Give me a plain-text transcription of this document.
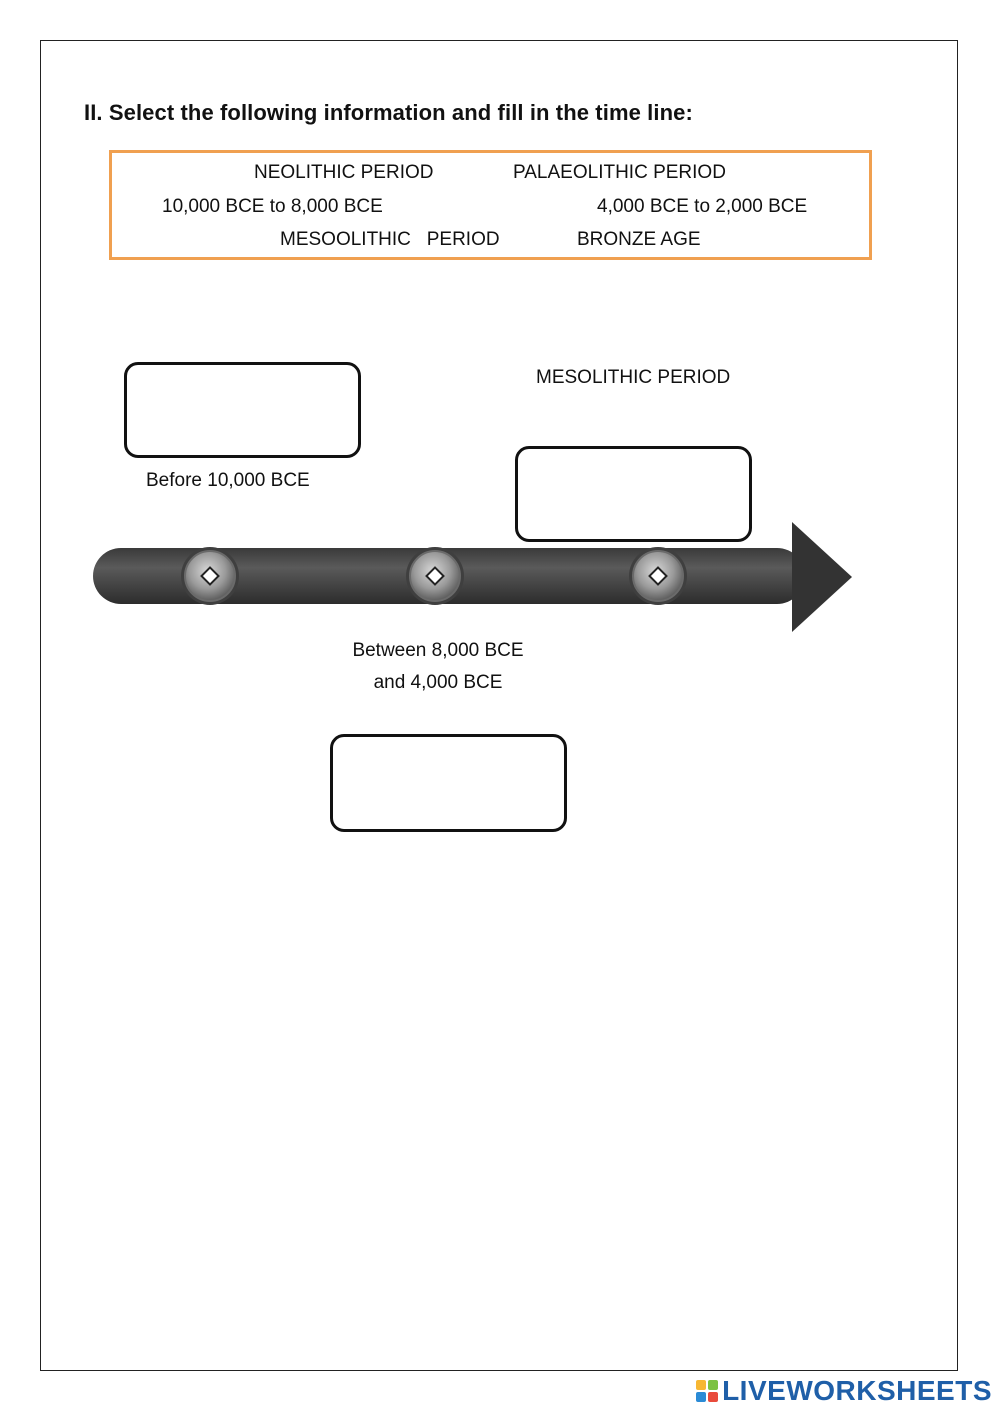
II. Select the following information and fill in the time line:
NEOLITHIC PERIOD	PALAEOLITHIC PERIOD
10,000 BCE to 8,000 BCE	4,000 BCE to 2,000 BCE
MESOOLITHIC   PERIOD	BRONZE AGE
Before 10,000 BCE
MESOLITHIC PERIOD
Between 8,000 BCE
and 4,000 BCE
LIVEWORKSHEETS
